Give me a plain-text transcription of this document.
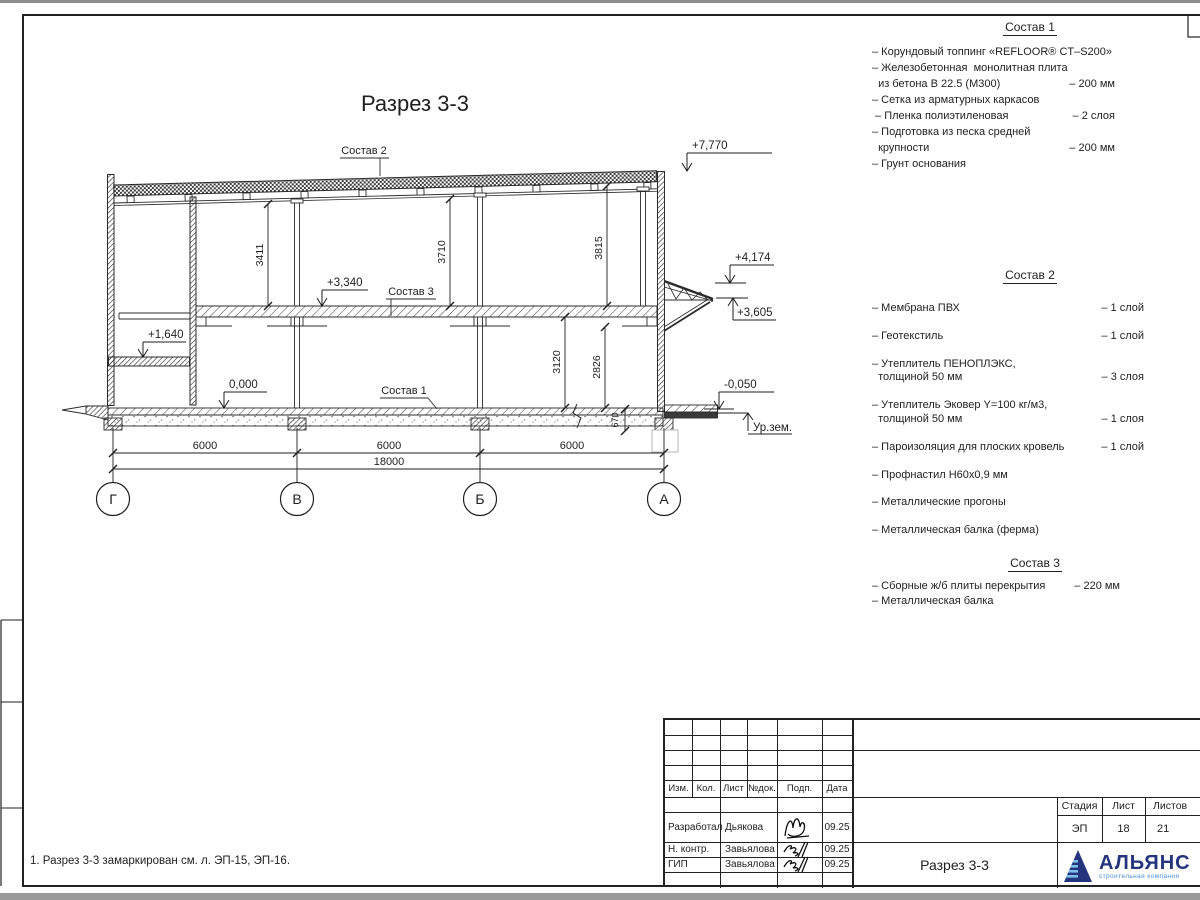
Разрез 3-3
Состав 2
Состав 3
Состав 1
+7,770
+4,174
+3,605
-0,050
+3,340
+1,640
0,000
Ур.зем.
3411	3710	3815
3120	2826
670
6000	6000	6000
18000
Г	В	Б	А
Состав 1
– Корундовый топпинг «REFLOOR® CT–S200»
– Железобетонная  монолитная плита
из бетона В 22.5 (М300)	– 200 мм
– Сетка из арматурных каркасов
– Пленка полиэтиленовая	– 2 слоя
– Подготовка из песка средней
крупности	– 200 мм
– Грунт основания
Состав 2
– Мембрана ПВХ	– 1 слой

– Геотекстиль	– 1 слой

– Утеплитель ПЕНОПЛЭКС,
толщиной 50 мм	– 3 слоя

– Утеплитель Эковер Y=100 кг/м3,
толщиной 50 мм	– 1 слоя

– Пароизоляция для плоских кровель	– 1 слой

– Профнастил Н60х0,9 мм

– Металлические прогоны

– Металлическая балка (ферма)
Состав 3
– Сборные ж/б плиты перекрытия	– 220 мм
– Металлическая балка
1. Разрез 3-3 замаркирован см. л. ЭП-15, ЭП-16.
Изм. Кол. Лист №док.	Подп.	Дата
Разработал Дьякова	09.25
Н. контр.	Завьялова	09.25
ГИП	Завьялова	09.25
Стадия	Лист	Листов
ЭП	18	21
Разрез 3-3	АЛЬЯНС
строительная компания
